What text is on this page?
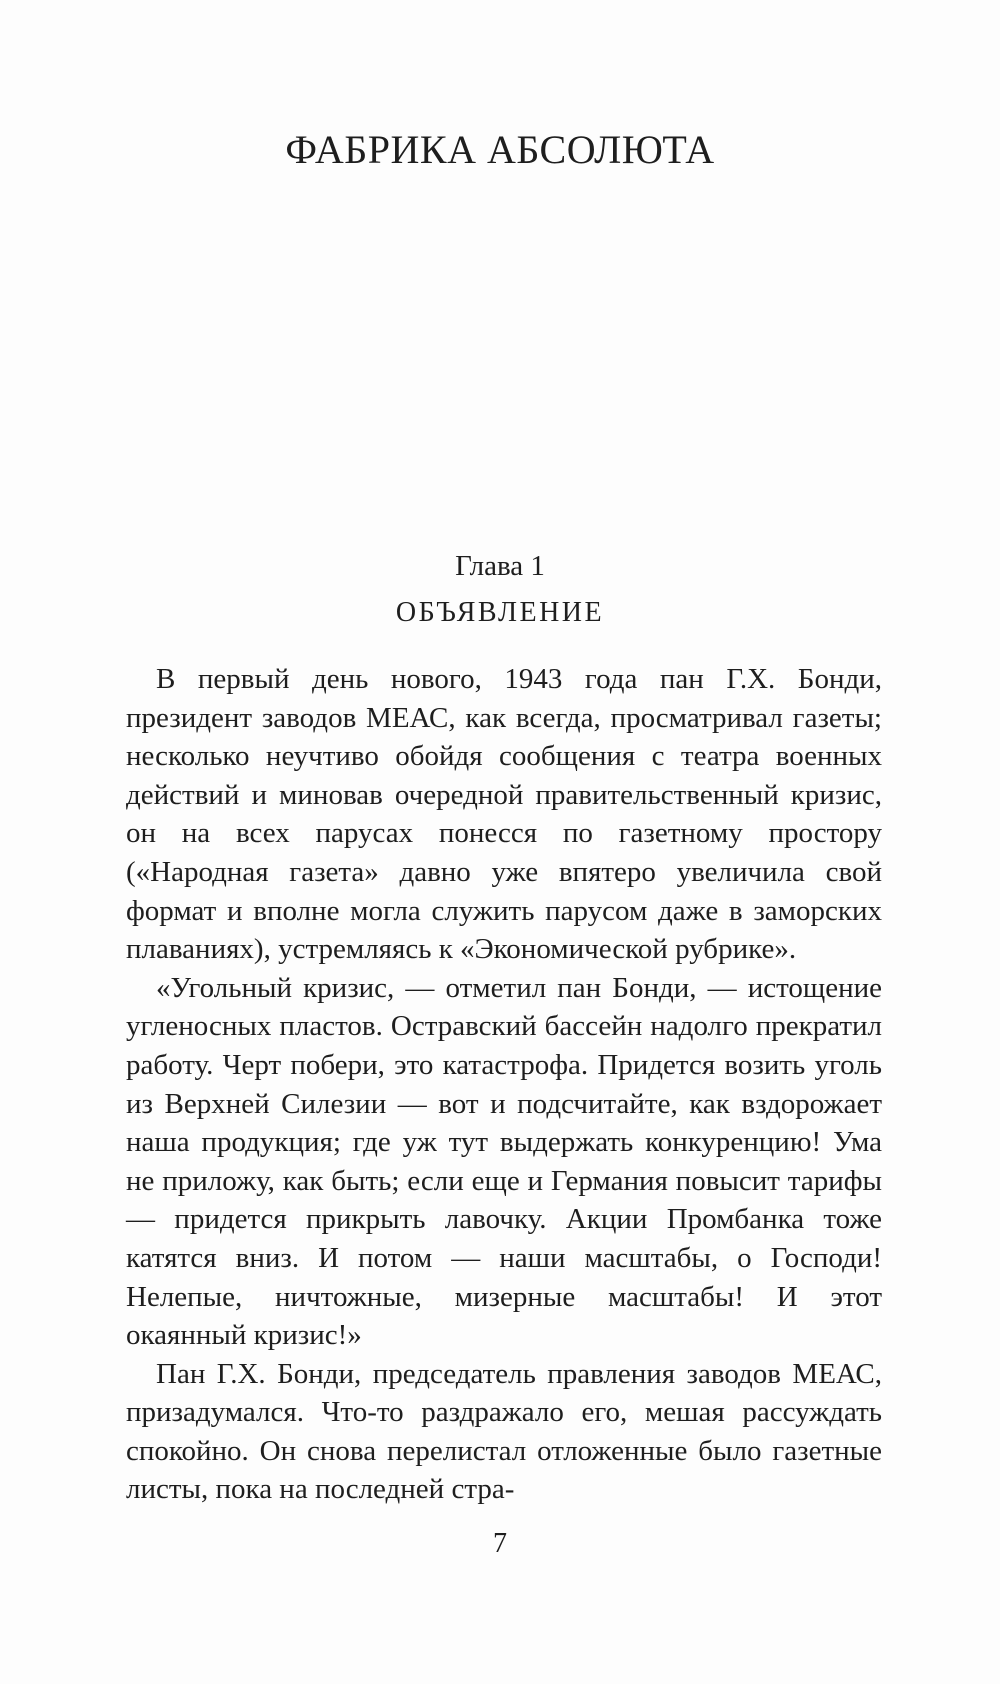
ФАБРИКА АБСОЛЮТА
Глава 1
ОБЪЯВЛЕНИЕ

В первый день нового, 1943 года пан Г.Х. Бонди, президент заводов МЕАС, как всегда, просматривал газеты; несколько неучтиво обойдя сообщения с театра военных действий и миновав очередной правительственный кризис, он на всех парусах понесся по газетному простору («Народная газета» давно уже впятеро увеличила свой формат и вполне могла служить парусом даже в заморских плаваниях), устремляясь к «Экономической рубрике».

«Угольный кризис, — отметил пан Бонди, — истощение угленосных пластов. Остравский бассейн надолго прекратил работу. Черт побери, это катастрофа. Придется возить уголь из Верхней Силезии — вот и подсчитайте, как вздорожает наша продукция; где уж тут выдержать конкуренцию! Ума не приложу, как быть; если еще и Германия повысит тарифы — придется прикрыть лавочку. Акции Промбанка тоже катятся вниз. И потом — наши масштабы, о Господи! Нелепые, ничтожные, мизерные масштабы! И этот окаянный кризис!»

Пан Г.Х. Бонди, председатель правления заводов МЕАС, призадумался. Что-то раздражало его, мешая рассуждать спокойно. Он снова перелистал отложенные было газетные листы, пока на последней стра-

7
